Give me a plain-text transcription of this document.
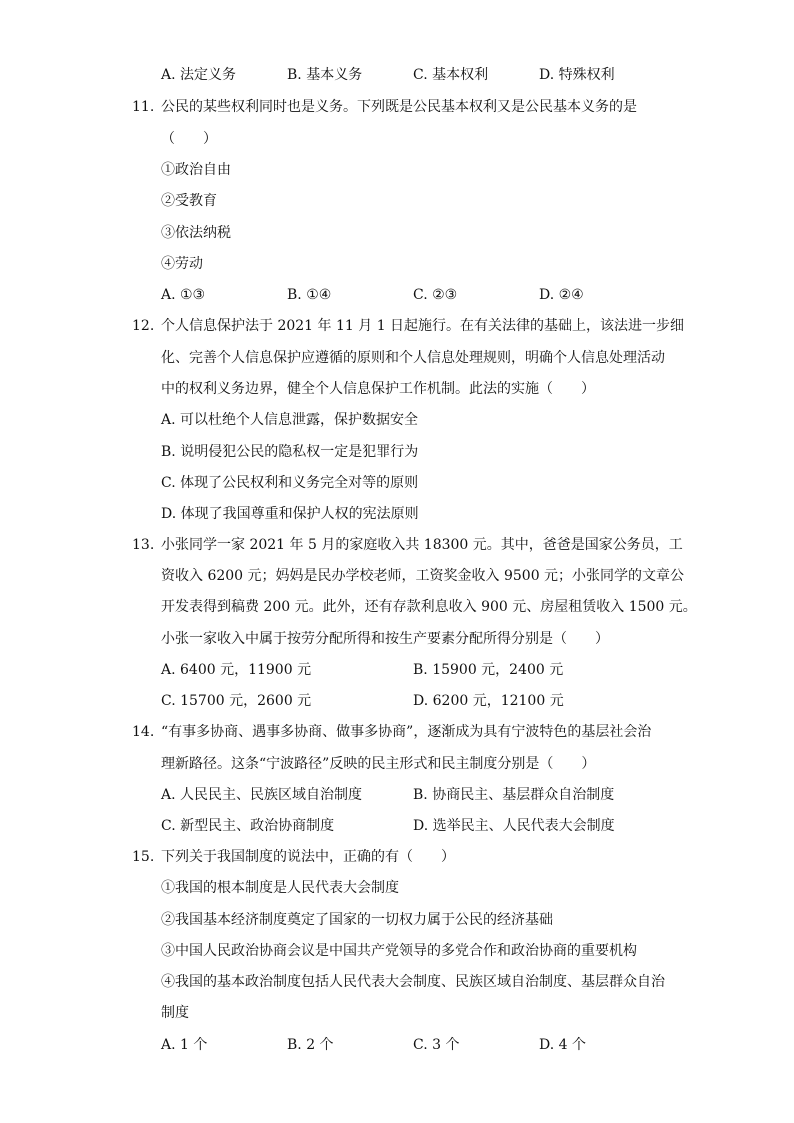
A. 法定义务	B. 基本义务	C. 基本权利	D. 特殊权利
11. 公民的某些权利同时也是义务。下列既是公民基本权利又是公民基本义务的是
（　　）
①政治自由
②受教育
③依法纳税
④劳动
A. ①③	B. ①④	C. ②③	D. ②④
12. 个人信息保护法于 2021 年 11 月 1 日起施行。在有关法律的基础上，该法进一步细
化、完善个人信息保护应遵循的原则和个人信息处理规则，明确个人信息处理活动
中的权利义务边界，健全个人信息保护工作机制。此法的实施（　　）
A. 可以杜绝个人信息泄露，保护数据安全
B. 说明侵犯公民的隐私权一定是犯罪行为
C. 体现了公民权利和义务完全对等的原则
D. 体现了我国尊重和保护人权的宪法原则
13. 小张同学一家 2021 年 5 月的家庭收入共 18300 元。其中，爸爸是国家公务员，工
资收入 6200 元；妈妈是民办学校老师，工资奖金收入 9500 元；小张同学的文章公
开发表得到稿费 200 元。此外，还有存款利息收入 900 元、房屋租赁收入 1500 元。
小张一家收入中属于按劳分配所得和按生产要素分配所得分别是（　　）
A. 6400 元，11900 元	B. 15900 元，2400 元
C. 15700 元，2600 元	D. 6200 元，12100 元
14. “有事多协商、遇事多协商、做事多协商”，逐渐成为具有宁波特色的基层社会治
理新路径。这条“宁波路径”反映的民主形式和民主制度分别是（　　）
A. 人民民主、民族区域自治制度	B. 协商民主、基层群众自治制度
C. 新型民主、政治协商制度	D. 选举民主、人民代表大会制度
15. 下列关于我国制度的说法中，正确的有（　　）
①我国的根本制度是人民代表大会制度
②我国基本经济制度奠定了国家的一切权力属于公民的经济基础
③中国人民政治协商会议是中国共产党领导的多党合作和政治协商的重要机构
④我国的基本政治制度包括人民代表大会制度、民族区域自治制度、基层群众自治
制度
A. 1 个	B. 2 个	C. 3 个	D. 4 个
